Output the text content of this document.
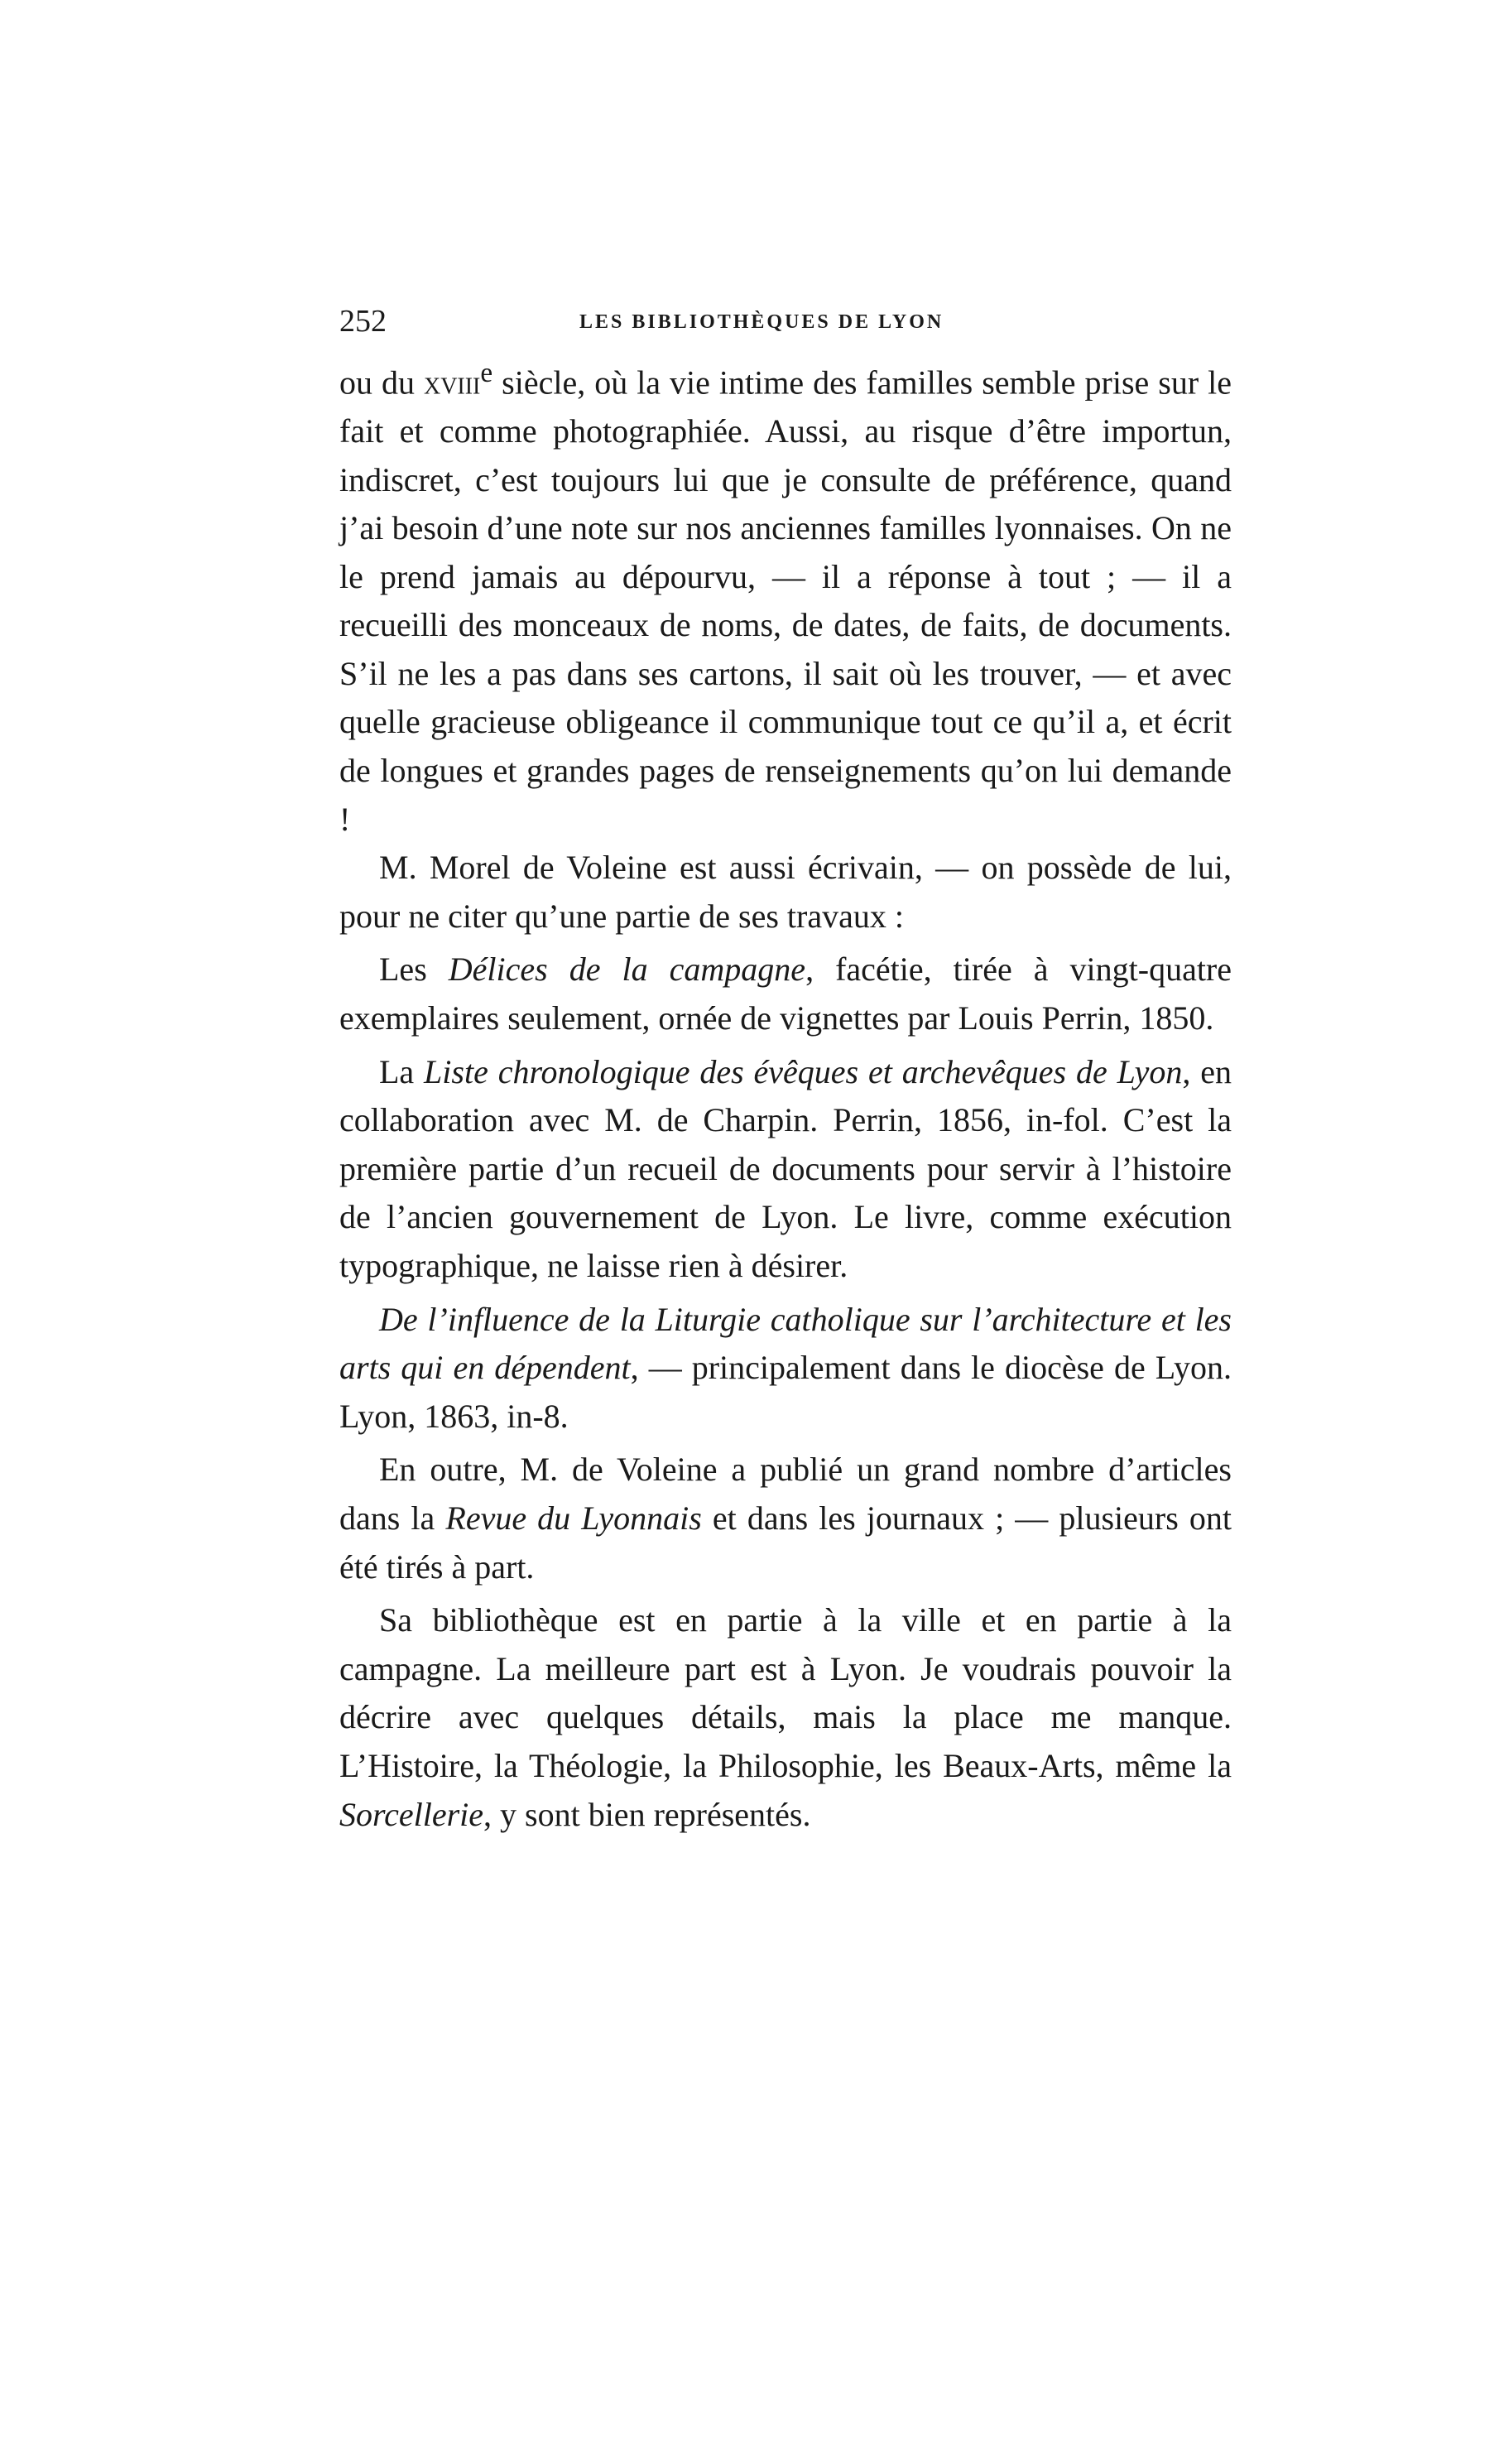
252	LES BIBLIOTHÈQUES DE LYON

ou du xviii$^e$ siècle, où la vie intime des familles semble prise sur le fait et comme photographiée. Aussi, au risque d’être importun, indiscret, c’est toujours lui que je consulte de préférence, quand j’ai besoin d’une note sur nos anciennes familles lyonnaises. On ne le prend jamais au dépourvu, — il a réponse à tout ; — il a recueilli des monceaux de noms, de dates, de faits, de documents. S’il ne les a pas dans ses cartons, il sait où les trouver, — et avec quelle gracieuse obligeance il communique tout ce qu’il a, et écrit de longues et grandes pages de renseignements qu’on lui demande !

M. Morel de Voleine est aussi écrivain, — on possède de lui, pour ne citer qu’une partie de ses travaux :

Les Délices de la campagne, facétie, tirée à vingt-quatre exemplaires seulement, ornée de vignettes par Louis Perrin, 1850.

La Liste chronologique des évêques et archevêques de Lyon, en collaboration avec M. de Charpin. Perrin, 1856, in-fol. C’est la première partie d’un recueil de documents pour servir à l’histoire de l’ancien gouvernement de Lyon. Le livre, comme exécution typographique, ne laisse rien à désirer.

De l’influence de la Liturgie catholique sur l’architecture et les arts qui en dépendent, — principalement dans le diocèse de Lyon. Lyon, 1863, in-8.

En outre, M. de Voleine a publié un grand nombre d’articles dans la Revue du Lyonnais et dans les journaux ; — plusieurs ont été tirés à part.

Sa bibliothèque est en partie à la ville et en partie à la campagne. La meilleure part est à Lyon. Je voudrais pouvoir la décrire avec quelques détails, mais la place me manque. L’Histoire, la Théologie, la Philosophie, les Beaux-Arts, même la Sorcellerie, y sont bien représentés.
